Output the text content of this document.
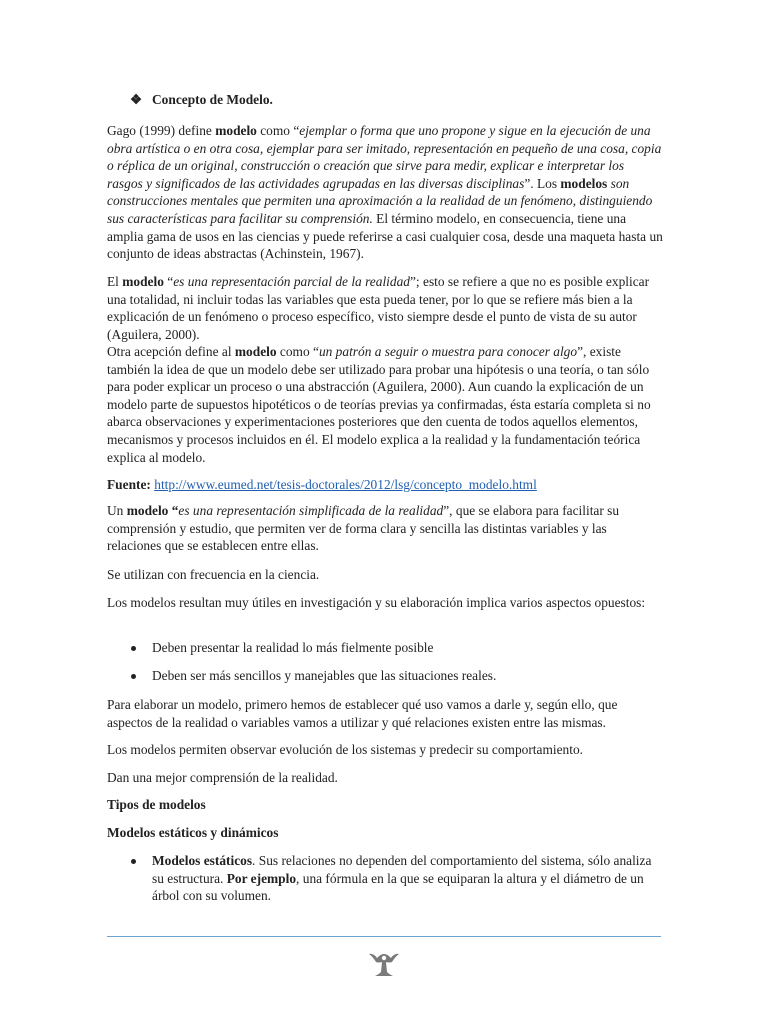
❖ Concepto de Modelo.

Gago (1999) define modelo como “ejemplar o forma que uno propone y sigue en la ejecución de una obra artística o en otra cosa, ejemplar para ser imitado, representación en pequeño de una cosa, copia o réplica de un original, construcción o creación que sirve para medir, explicar e interpretar los rasgos y significados de las actividades agrupadas en las diversas disciplinas”. Los modelos son construcciones mentales que permiten una aproximación a la realidad de un fenómeno, distinguiendo sus características para facilitar su comprensión. El término modelo, en consecuencia, tiene una amplia gama de usos en las ciencias y puede referirse a casi cualquier cosa, desde una maqueta hasta un conjunto de ideas abstractas (Achinstein, 1967).

El modelo “es una representación parcial de la realidad”; esto se refiere a que no es posible explicar una totalidad, ni incluir todas las variables que esta pueda tener, por lo que se refiere más bien a la explicación de un fenómeno o proceso específico, visto siempre desde el punto de vista de su autor (Aguilera, 2000).

Otra acepción define al modelo como “un patrón a seguir o muestra para conocer algo”, existe también la idea de que un modelo debe ser utilizado para probar una hipótesis o una teoría, o tan sólo para poder explicar un proceso o una abstracción (Aguilera, 2000). Aun cuando la explicación de un modelo parte de supuestos hipotéticos o de teorías previas ya confirmadas, ésta estaría completa si no abarca observaciones y experimentaciones posteriores que den cuenta de todos aquellos elementos, mecanismos y procesos incluidos en él. El modelo explica a la realidad y la fundamentación teórica explica al modelo.

Fuente: http://www.eumed.net/tesis-doctorales/2012/lsg/concepto_modelo.html

Un modelo “es una representación simplificada de la realidad”, que se elabora para facilitar su comprensión y estudio, que permiten ver de forma clara y sencilla las distintas variables y las relaciones que se establecen entre ellas.

Se utilizan con frecuencia en la ciencia.

Los modelos resultan muy útiles en investigación y su elaboración implica varios aspectos opuestos:

Deben presentar la realidad lo más fielmente posible

Deben ser más sencillos y manejables que las situaciones reales.

Para elaborar un modelo, primero hemos de establecer qué uso vamos a darle y, según ello, que aspectos de la realidad o variables vamos a utilizar y qué relaciones existen entre las mismas.

Los modelos permiten observar evolución de los sistemas y predecir su comportamiento.

Dan una mejor comprensión de la realidad.

Tipos de modelos

Modelos estáticos y dinámicos

Modelos estáticos. Sus relaciones no dependen del comportamiento del sistema, sólo analiza su estructura. Por ejemplo, una fórmula en la que se equiparan la altura y el diámetro de un árbol con su volumen.
